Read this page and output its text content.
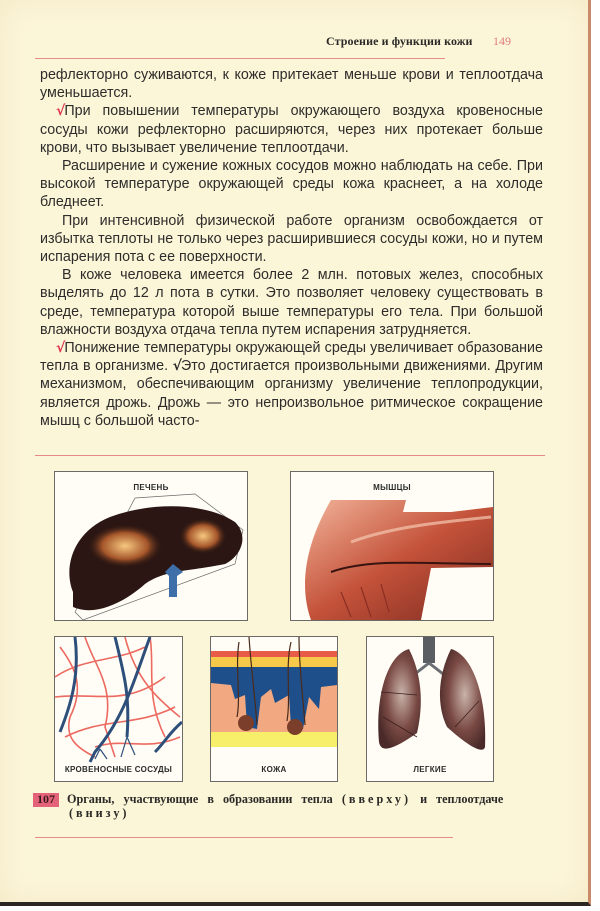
Строение и функции кожи 149

рефлекторно суживаются, к коже притекает меньше крови и теплоотдача уменьшается.

√При повышении температуры окружающего воздуха кровеносные сосуды кожи рефлекторно расширяются, через них протекает больше крови, что вызывает увеличение теплоотдачи.

Расширение и сужение кожных сосудов можно наблюдать на себе. При высокой температуре окружающей среды кожа краснеет, а на холоде бледнеет.

При интенсивной физической работе организм освобождается от избытка теплоты не только через расширившиеся сосуды кожи, но и путем испарения пота с ее поверхности.

В коже человека имеется более 2 млн. потовых желез, способных выделять до 12 л пота в сутки. Это позволяет человеку существовать в среде, температура которой выше температуры его тела. При большой влажности воздуха отдача тепла путем испарения затрудняется.

√Понижение температуры окружающей среды увеличивает образование тепла в организме. √Это достигается произвольными движениями. Другим механизмом, обеспечивающим организму увеличение теплопродукции, является дрожь. Дрожь — это непроизвольное ритмическое сокращение мышц с большой часто-

ПЕЧЕНЬ	МЫШЦЫ
КРОВЕНОСНЫЕ СОСУДЫ	КОЖА	ЛЕГКИЕ
107 Органы, участвующие в образовании тепла (вверху) и теплоотдаче
(внизу)
